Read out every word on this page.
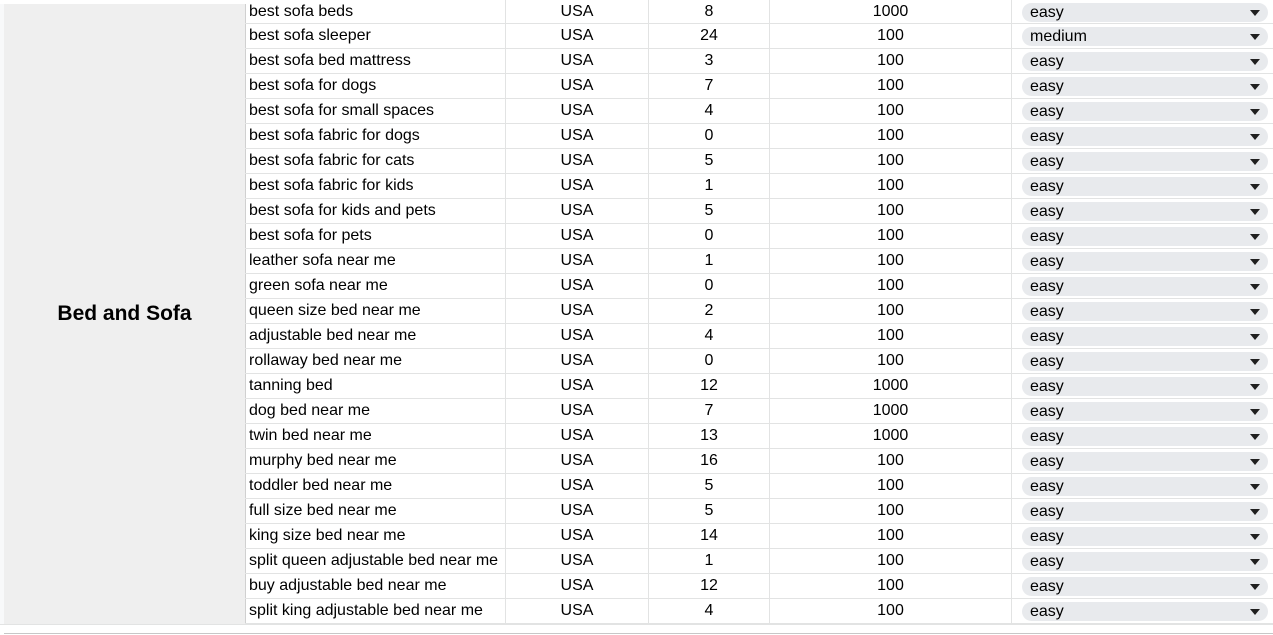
Bed and Sofa
best sofa beds	USA	8	1000	easy
best sofa sleeper	USA	24	100	medium
best sofa bed mattress	USA	3	100	easy
best sofa for dogs	USA	7	100	easy
best sofa for small spaces	USA	4	100	easy
best sofa fabric for dogs	USA	0	100	easy
best sofa fabric for cats	USA	5	100	easy
best sofa fabric for kids	USA	1	100	easy
best sofa for kids and pets	USA	5	100	easy
best sofa for pets	USA	0	100	easy
leather sofa near me	USA	1	100	easy
green sofa near me	USA	0	100	easy
queen size bed near me	USA	2	100	easy
adjustable bed near me	USA	4	100	easy
rollaway bed near me	USA	0	100	easy
tanning bed	USA	12	1000	easy
dog bed near me	USA	7	1000	easy
twin bed near me	USA	13	1000	easy
murphy bed near me	USA	16	100	easy
toddler bed near me	USA	5	100	easy
full size bed near me	USA	5	100	easy
king size bed near me	USA	14	100	easy
split queen adjustable bed near me	USA	1	100	easy
buy adjustable bed near me	USA	12	100	easy
split king adjustable bed near me	USA	4	100	easy
